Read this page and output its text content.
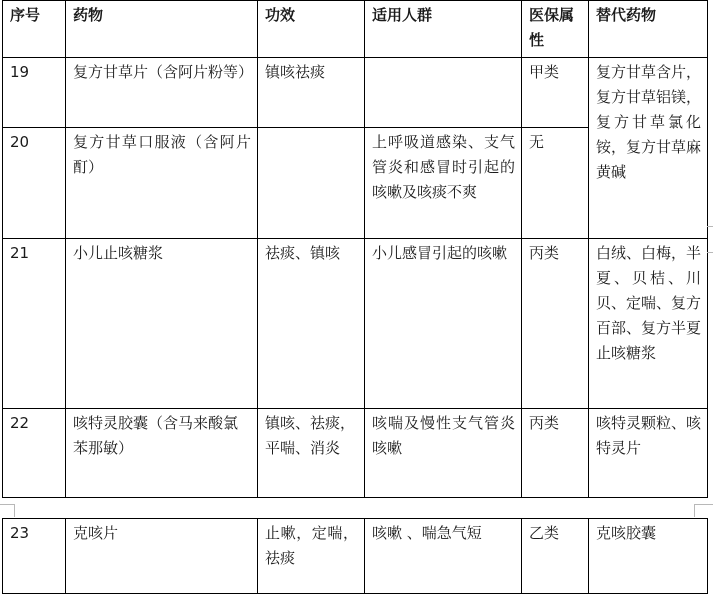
序号	药物	功效	适用人群	医保属性	替代药物
19	复方甘草片（含阿片粉等）	镇咳祛痰		甲类	复方甘草含片，复方甘草铝镁，复方甘草氯化铵，复方甘草麻黄碱
20	复方甘草口服液（含阿片酊）		上呼吸道感染、支气管炎和感冒时引起的咳嗽及咳痰不爽	无	
21	小儿止咳糖浆	祛痰、镇咳	小儿感冒引起的咳嗽	丙类	白绒、白梅，半夏、贝桔、川贝、定喘、复方百部、复方半夏止咳糖浆
22	咳特灵胶囊（含马来酸氯苯那敏）	镇咳、祛痰，平喘、消炎	咳喘及慢性支气管炎咳嗽	丙类	咳特灵颗粒、咳特灵片
23	克咳片	止嗽，定喘，祛痰	咳嗽 、喘急气短	乙类	克咳胶囊
